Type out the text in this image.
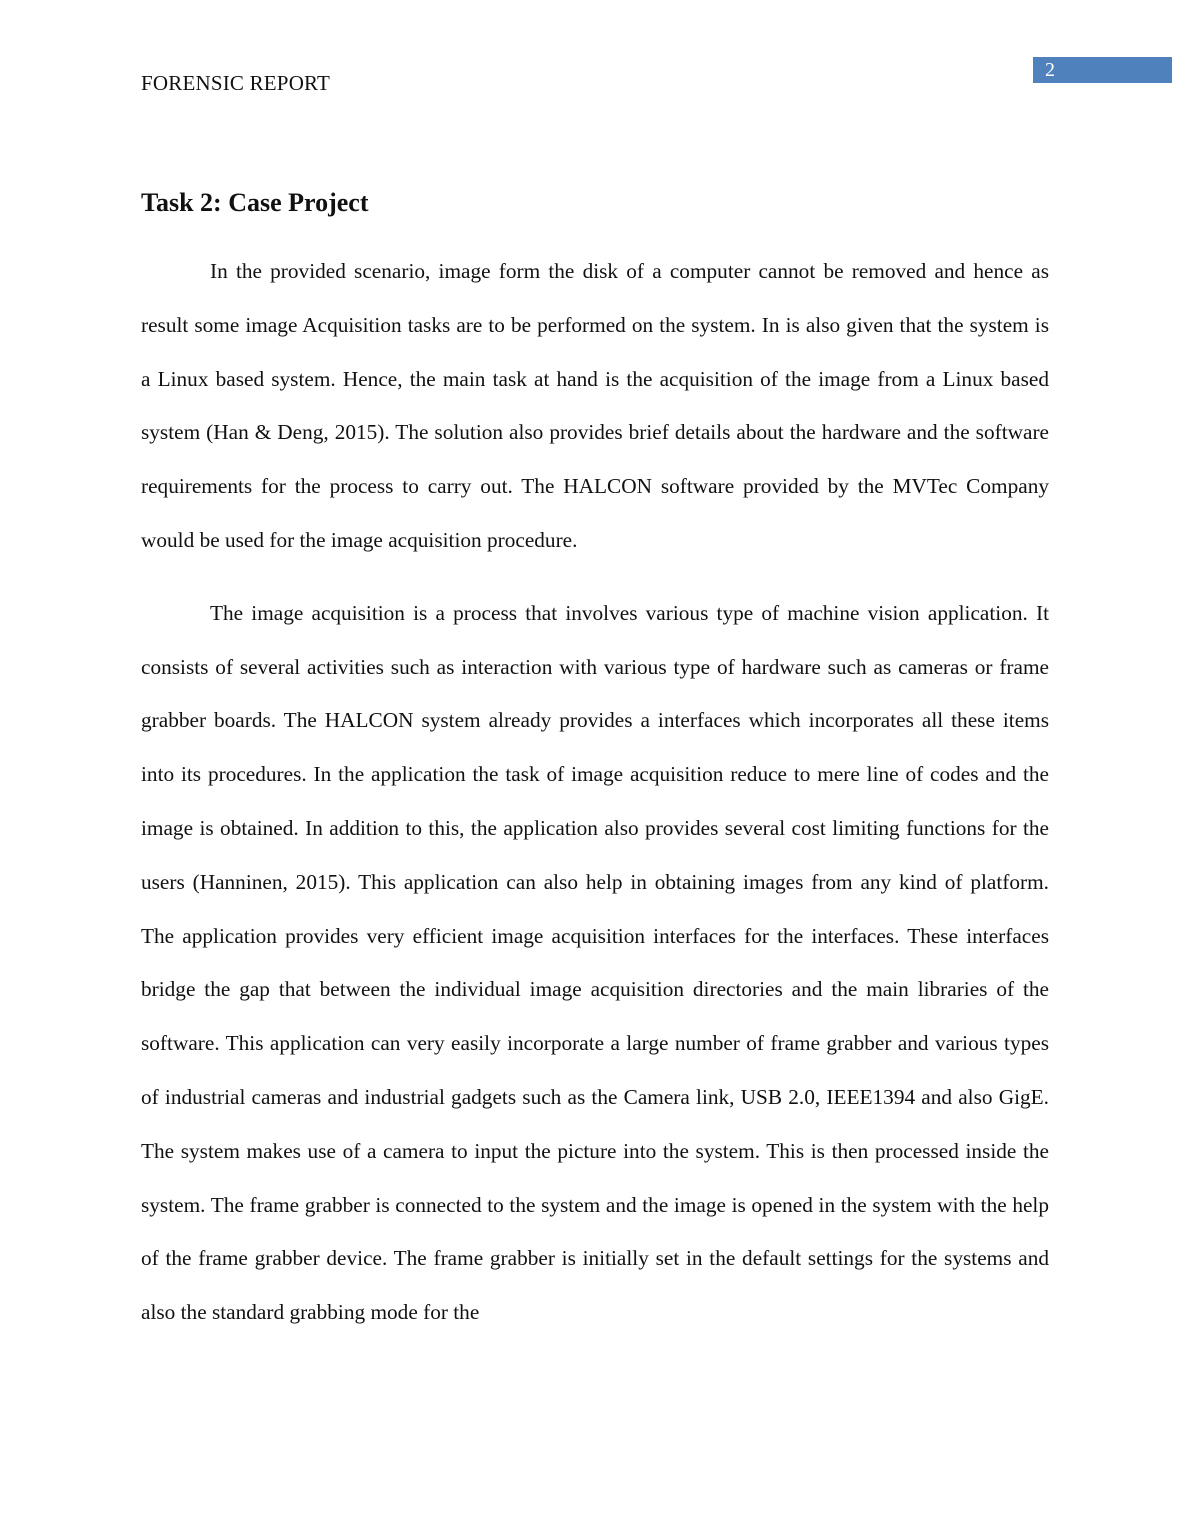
2
FORENSIC REPORT
Task 2: Case Project

In the provided scenario, image form the disk of a computer cannot be removed and hence as result some image Acquisition tasks are to be performed on the system. In is also given that the system is a Linux based system. Hence, the main task at hand is the acquisition of the image from a Linux based system (Han & Deng, 2015). The solution also provides brief details about the hardware and the software requirements for the process to carry out. The HALCON software provided by the MVTec Company would be used for the image acquisition procedure.

The image acquisition is a process that involves various type of machine vision application. It consists of several activities such as interaction with various type of hardware such as cameras or frame grabber boards. The HALCON system already provides a interfaces which incorporates all these items into its procedures. In the application the task of image acquisition reduce to mere line of codes and the image is obtained. In addition to this, the application also provides several cost limiting functions for the users (Hanninen, 2015). This application can also help in obtaining images from any kind of platform. The application provides very efficient image acquisition interfaces for the interfaces. These interfaces bridge the gap that between the individual image acquisition directories and the main libraries of the software. This application can very easily incorporate a large number of frame grabber and various types of industrial cameras and industrial gadgets such as the Camera link, USB 2.0, IEEE1394 and also GigE. The system makes use of a camera to input the picture into the system. This is then processed inside the system. The frame grabber is connected to the system and the image is opened in the system with the help of the frame grabber device. The frame grabber is initially set in the default settings for the systems and also the standard grabbing mode for the
